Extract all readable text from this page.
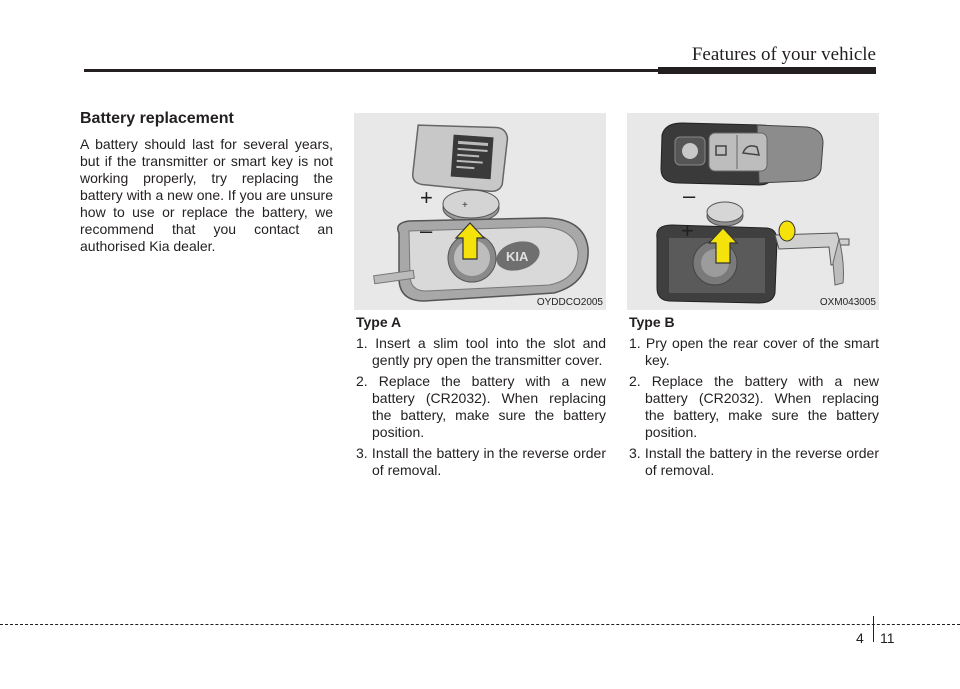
Features of your vehicle
Battery replacement

A battery should last for several years, but if the transmitter or smart key is not working properly, try replacing the battery with a new one. If you are unsure how to use or replace the battery, we recommend that you contact an authorised Kia dealer.

+
KIA
+
–
OYDDCO2005
–
+
OXM043005
Type A
1. Insert a slim tool into the slot and gently pry open the transmitter cover.
2. Replace the battery with a new battery (CR2032). When replacing the battery, make sure the battery position.
3. Install the battery in the reverse order of removal.
Type B
1. Pry open the rear cover of the smart key.
2. Replace the battery with a new battery (CR2032). When replacing the battery, make sure the battery position.
3. Install the battery in the reverse order of removal.
4 11
